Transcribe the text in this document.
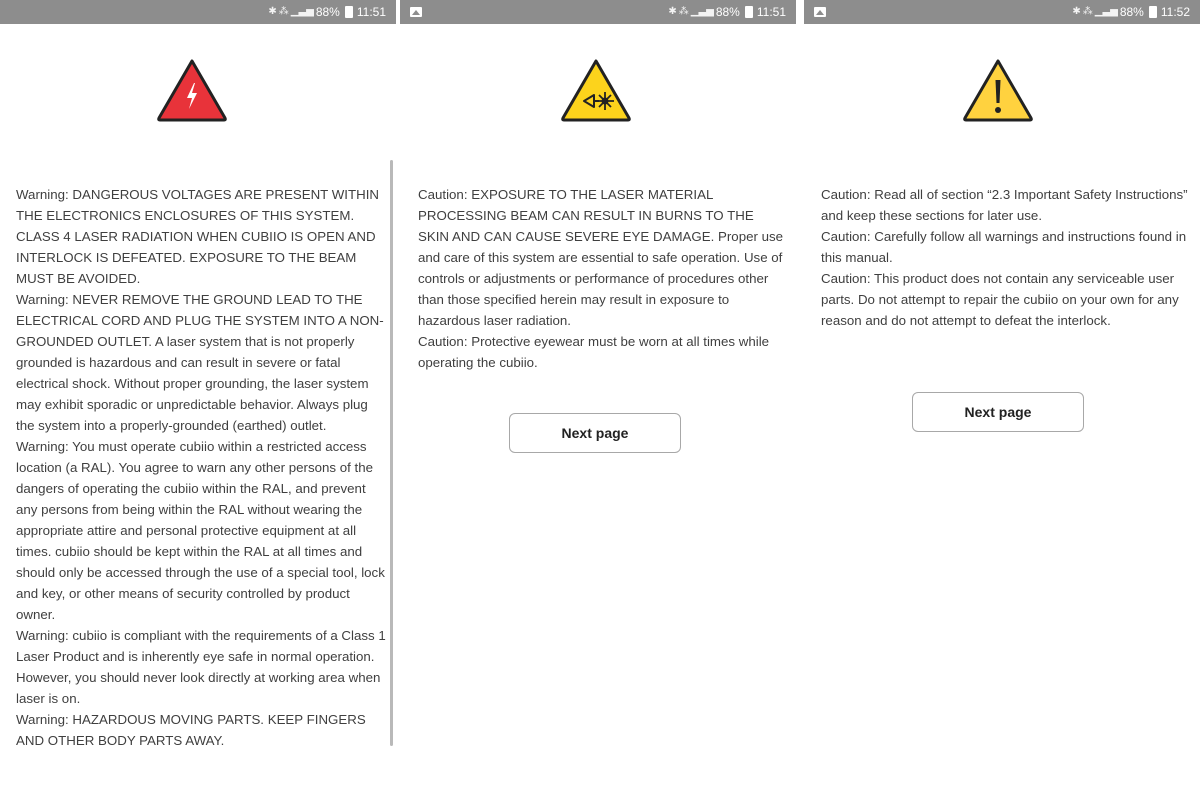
✱ ⁂ ▁▃▅ 88% 11:51

Warning: DANGEROUS VOLTAGES ARE PRESENT WITHIN THE ELECTRONICS ENCLOSURES OF THIS SYSTEM. CLASS 4 LASER RADIATION WHEN CUBIIO IS OPEN AND INTERLOCK IS DEFEATED. EXPOSURE TO THE BEAM MUST BE AVOIDED.
Warning: NEVER REMOVE THE GROUND LEAD TO THE ELECTRICAL CORD AND PLUG THE SYSTEM INTO A NON-GROUNDED OUTLET. A laser system that is not properly grounded is hazardous and can result in severe or fatal electrical shock. Without proper grounding, the laser system may exhibit sporadic or unpredictable behavior. Always plug the system into a properly-grounded (earthed) outlet.
Warning: You must operate cubiio within a restricted access location (a RAL). You agree to warn any other persons of the dangers of operating the cubiio within the RAL, and prevent any persons from being within the RAL without wearing the appropriate attire and personal protective equipment at all times. cubiio should be kept within the RAL at all times and should only be accessed through the use of a special tool, lock and key, or other means of security controlled by product owner.
Warning: cubiio is compliant with the requirements of a Class 1 Laser Product and is inherently eye safe in normal operation. However, you should never look directly at working area when laser is on.
Warning: HAZARDOUS MOVING PARTS. KEEP FINGERS AND OTHER BODY PARTS AWAY.

✱ ⁂ ▁▃▅ 88% 11:51

Caution: EXPOSURE TO THE LASER MATERIAL PROCESSING BEAM CAN RESULT IN BURNS TO THE SKIN AND CAN CAUSE SEVERE EYE DAMAGE. Proper use and care of this system are essential to safe operation. Use of controls or adjustments or performance of procedures other than those specified herein may result in exposure to hazardous laser radiation.
Caution: Protective eyewear must be worn at all times while operating the cubiio.

Next page
✱ ⁂ ▁▃▅ 88% 11:52

Caution: Read all of section “2.3 Important Safety Instructions” and keep these sections for later use.
Caution: Carefully follow all warnings and instructions found in this manual.
Caution: This product does not contain any serviceable user parts. Do not attempt to repair the cubiio on your own for any reason and do not attempt to defeat the interlock.

Next page
